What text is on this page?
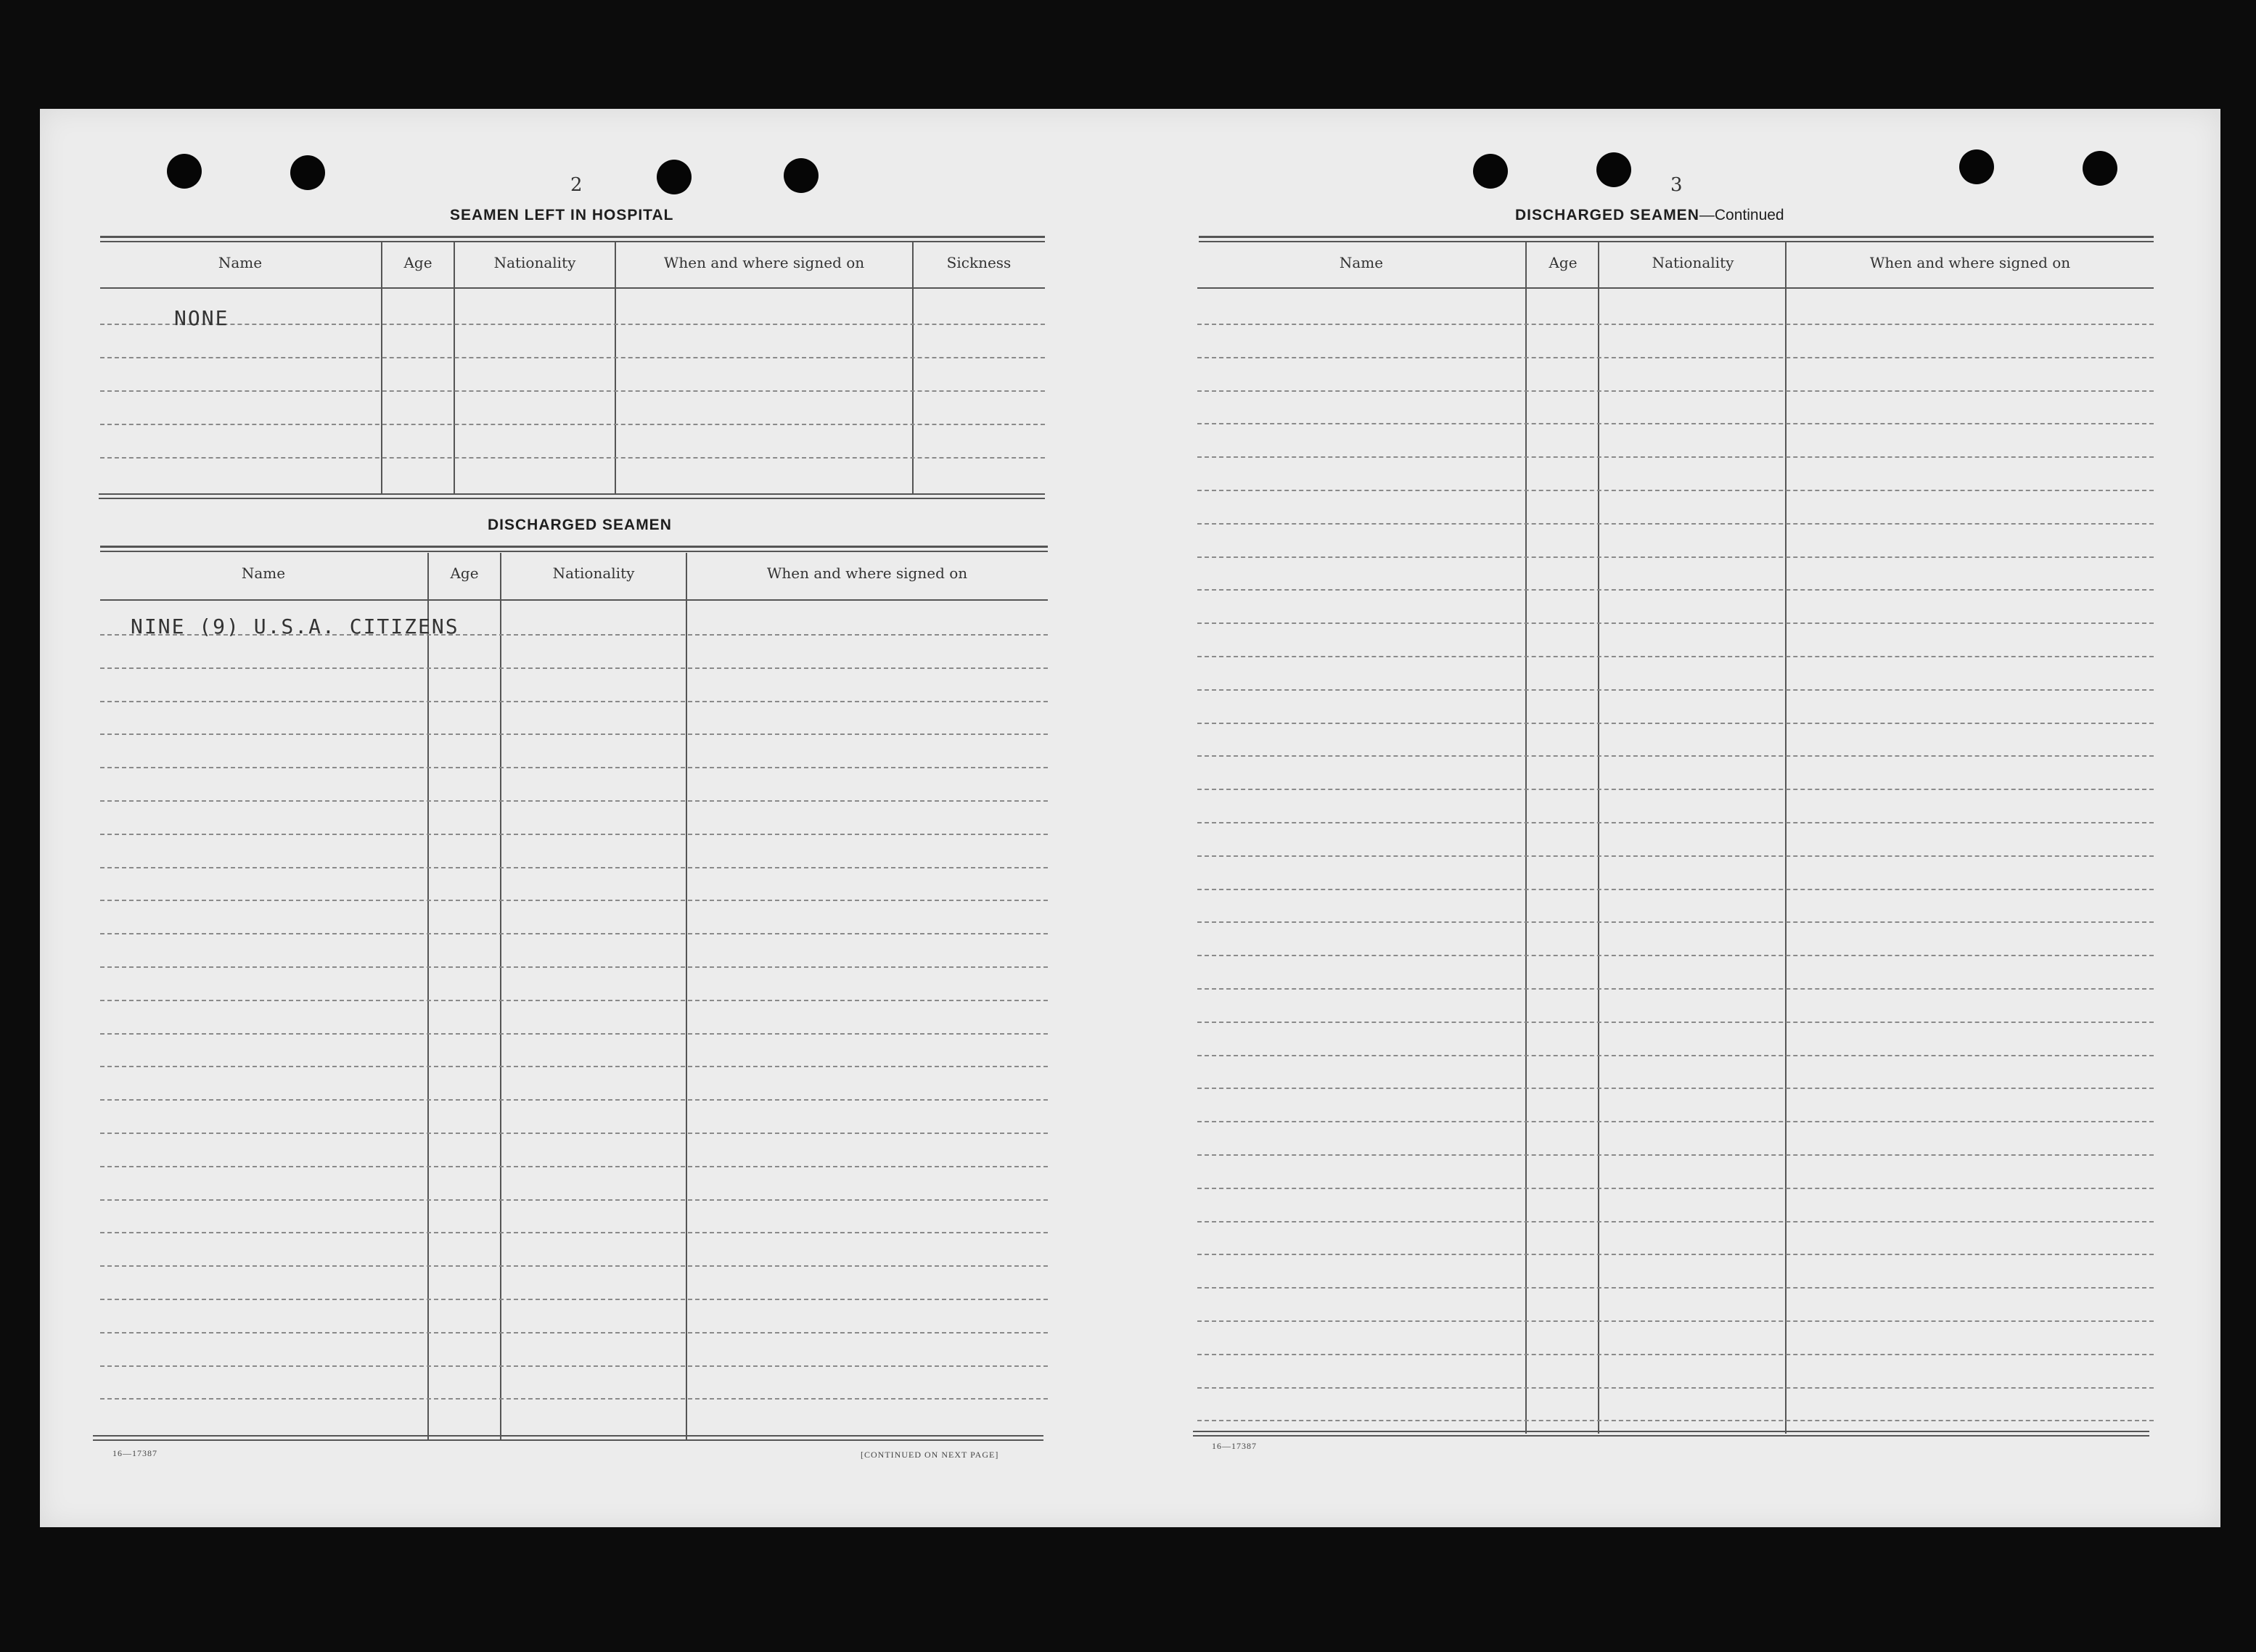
2
SEAMEN LEFT IN HOSPITAL
Name	Age	Nationality	When and where signed on	Sickness
NONE
DISCHARGED SEAMEN
Name	Age	Nationality	When and where signed on
NINE (9) U.S.A. CITIZENS
16—17387	[CONTINUED ON NEXT PAGE]
3
DISCHARGED SEAMEN—Continued
Name	Age	Nationality	When and where signed on
16—17387
